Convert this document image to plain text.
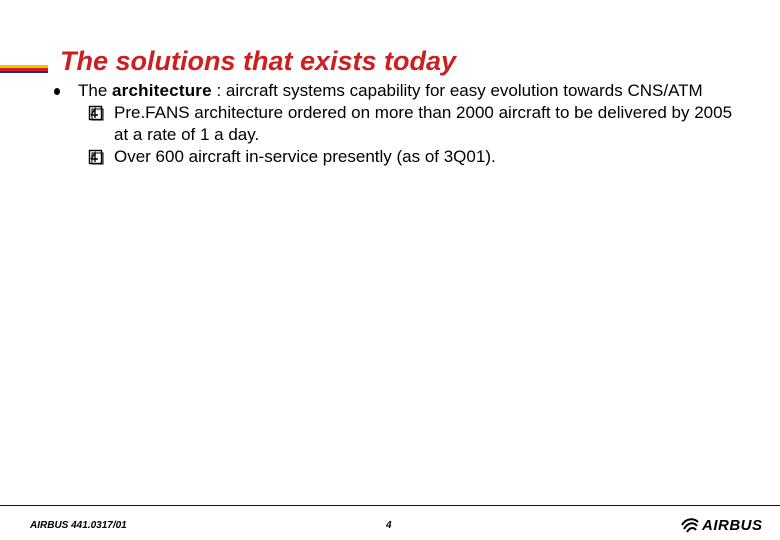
The solutions that exists today
The architecture : aircraft systems capability for easy evolution towards CNS/ATM
Pre.FANS architecture ordered on more than 2000 aircraft to be delivered by 2005 at a rate of 1 a day.
Over 600 aircraft in-service presently (as of 3Q01).
AIRBUS 441.0317/01	4	AIRBUS
